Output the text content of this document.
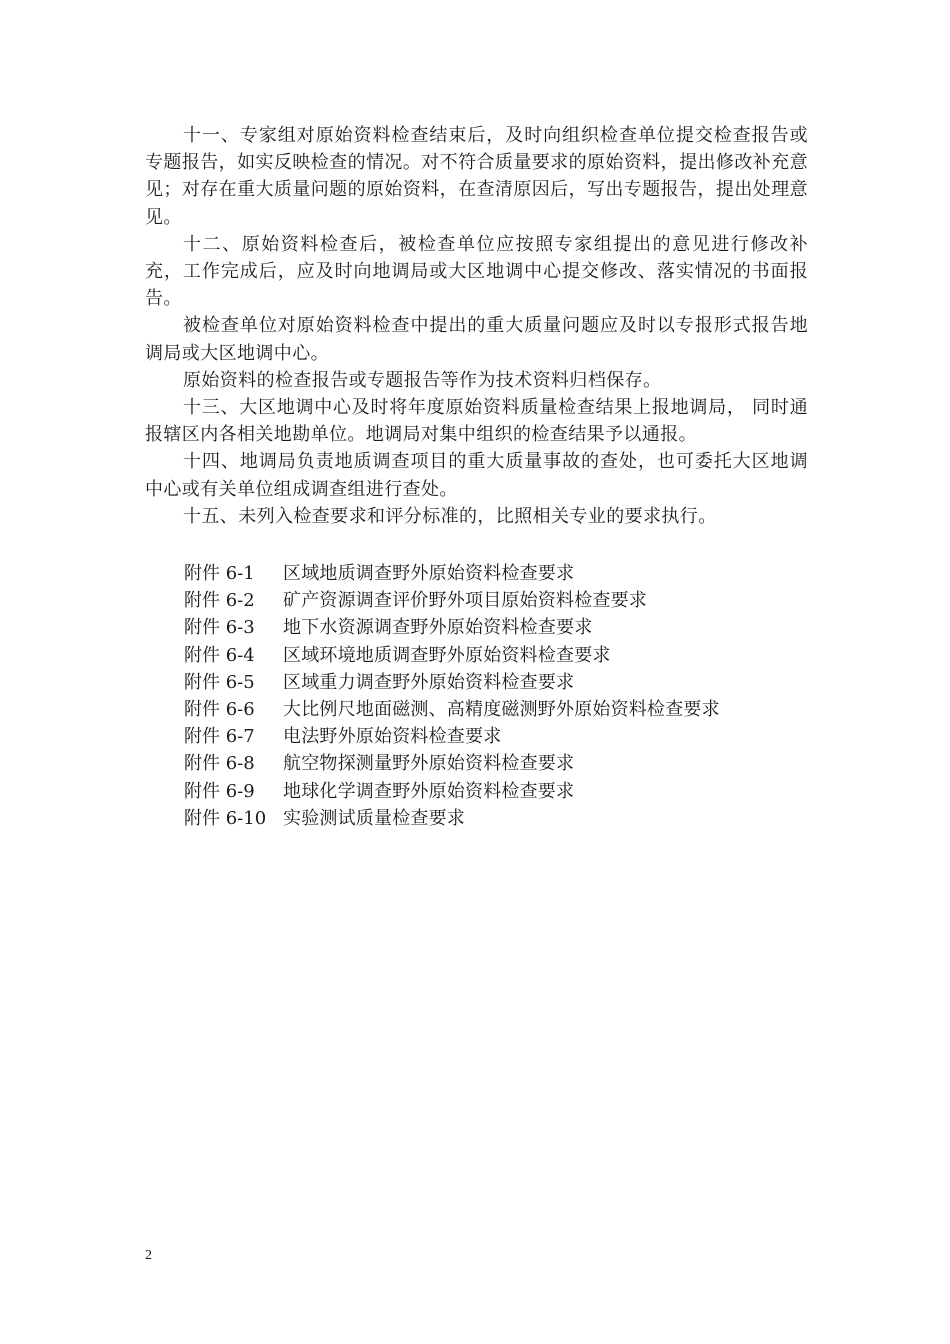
十一、专家组对原始资料检查结束后，及时向组织检查单位提交检查报告或专题报告，如实反映检查的情况。对不符合质量要求的原始资料，提出修改补充意见；对存在重大质量问题的原始资料，在查清原因后，写出专题报告，提出处理意见。

十二、原始资料检查后，被检查单位应按照专家组提出的意见进行修改补充，工作完成后，应及时向地调局或大区地调中心提交修改、落实情况的书面报告。

被检查单位对原始资料检查中提出的重大质量问题应及时以专报形式报告地调局或大区地调中心。

原始资料的检查报告或专题报告等作为技术资料归档保存。

十三、大区地调中心及时将年度原始资料质量检查结果上报地调局， 同时通报辖区内各相关地勘单位。地调局对集中组织的检查结果予以通报。

十四、地调局负责地质调查项目的重大质量事故的查处，也可委托大区地调中心或有关单位组成调查组进行查处。

十五、未列入检查要求和评分标准的，比照相关专业的要求执行。

附件 6-1	区域地质调查野外原始资料检查要求
附件 6-2	矿产资源调查评价野外项目原始资料检查要求
附件 6-3	地下水资源调查野外原始资料检查要求
附件 6-4	区域环境地质调查野外原始资料检查要求
附件 6-5	区域重力调查野外原始资料检查要求
附件 6-6	大比例尺地面磁测、高精度磁测野外原始资料检查要求
附件 6-7	电法野外原始资料检查要求
附件 6-8	航空物探测量野外原始资料检查要求
附件 6-9	地球化学调查野外原始资料检查要求
附件 6-10 实验测试质量检查要求
2
